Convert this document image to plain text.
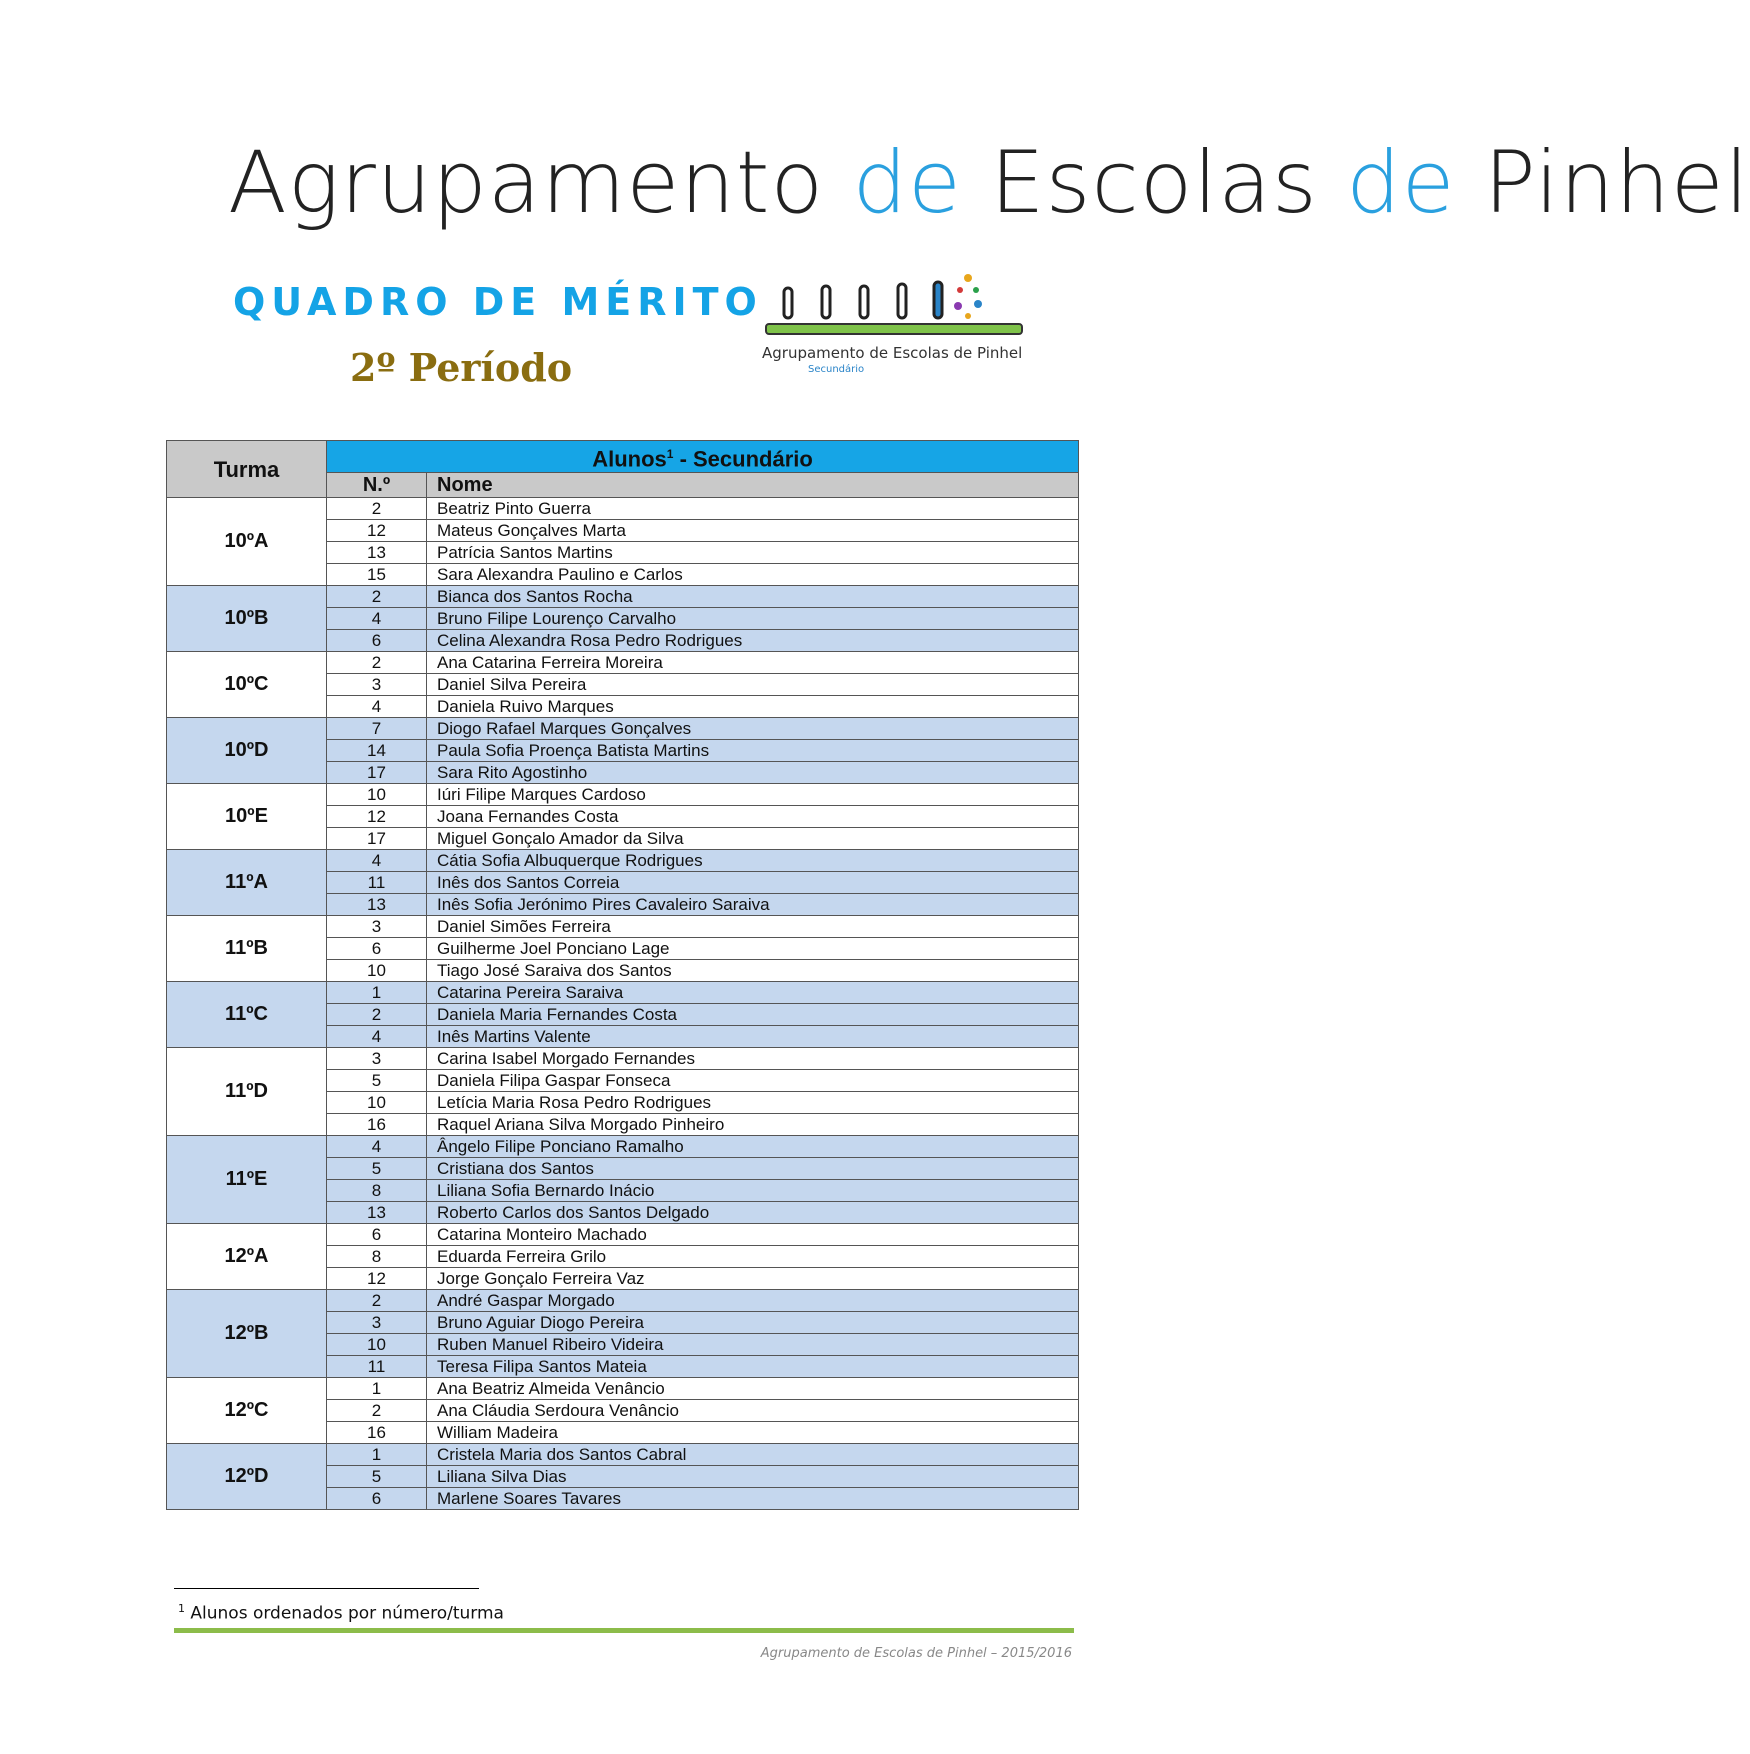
Agrupamento de Escolas de Pinhel
QUADRO DE MÉRITO
2º Período	Agrupamento de Escolas de Pinhel
Secundário
Turma	Alunos$^1$ - Secundário	
	N.º	Nome
10ºA	2	Beatriz Pinto Guerra
	12	Mateus Gonçalves Marta
	13	Patrícia Santos Martins
	15	Sara Alexandra Paulino e Carlos
10ºB	2	Bianca dos Santos Rocha
	4	Bruno Filipe Lourenço Carvalho
	6	Celina Alexandra Rosa Pedro Rodrigues
10ºC	2	Ana Catarina Ferreira Moreira
	3	Daniel Silva Pereira
	4	Daniela Ruivo Marques
10ºD	7	Diogo Rafael Marques Gonçalves
	14	Paula Sofia Proença Batista Martins
	17	Sara Rito Agostinho
10ºE	10	Iúri Filipe Marques Cardoso
	12	Joana Fernandes Costa
	17	Miguel Gonçalo Amador da Silva
11ºA	4	Cátia Sofia Albuquerque Rodrigues
	11	Inês dos Santos Correia
	13	Inês Sofia Jerónimo Pires Cavaleiro Saraiva
11ºB	3	Daniel Simões Ferreira
	6	Guilherme Joel Ponciano Lage
	10	Tiago José Saraiva dos Santos
11ºC	1	Catarina Pereira Saraiva
	2	Daniela Maria Fernandes Costa
	4	Inês Martins Valente
11ºD	3	Carina Isabel Morgado Fernandes
	5	Daniela Filipa Gaspar Fonseca
	10	Letícia Maria Rosa Pedro Rodrigues
	16	Raquel Ariana Silva Morgado Pinheiro
11ºE	4	Ângelo Filipe Ponciano Ramalho
	5	Cristiana dos Santos
	8	Liliana Sofia Bernardo Inácio
	13	Roberto Carlos dos Santos Delgado
12ºA	6	Catarina Monteiro Machado
	8	Eduarda Ferreira Grilo
	12	Jorge Gonçalo Ferreira Vaz
12ºB	2	André Gaspar Morgado
	3	Bruno Aguiar Diogo Pereira
	10	Ruben Manuel Ribeiro Videira
	11	Teresa Filipa Santos Mateia
12ºC	1	Ana Beatriz Almeida Venâncio
	2	Ana Cláudia Serdoura Venâncio
	16	William Madeira
12ºD	1	Cristela Maria dos Santos Cabral
	5	Liliana Silva Dias
	6	Marlene Soares Tavares
$^1$ Alunos ordenados por número/turma
Agrupamento de Escolas de Pinhel – 2015/2016
